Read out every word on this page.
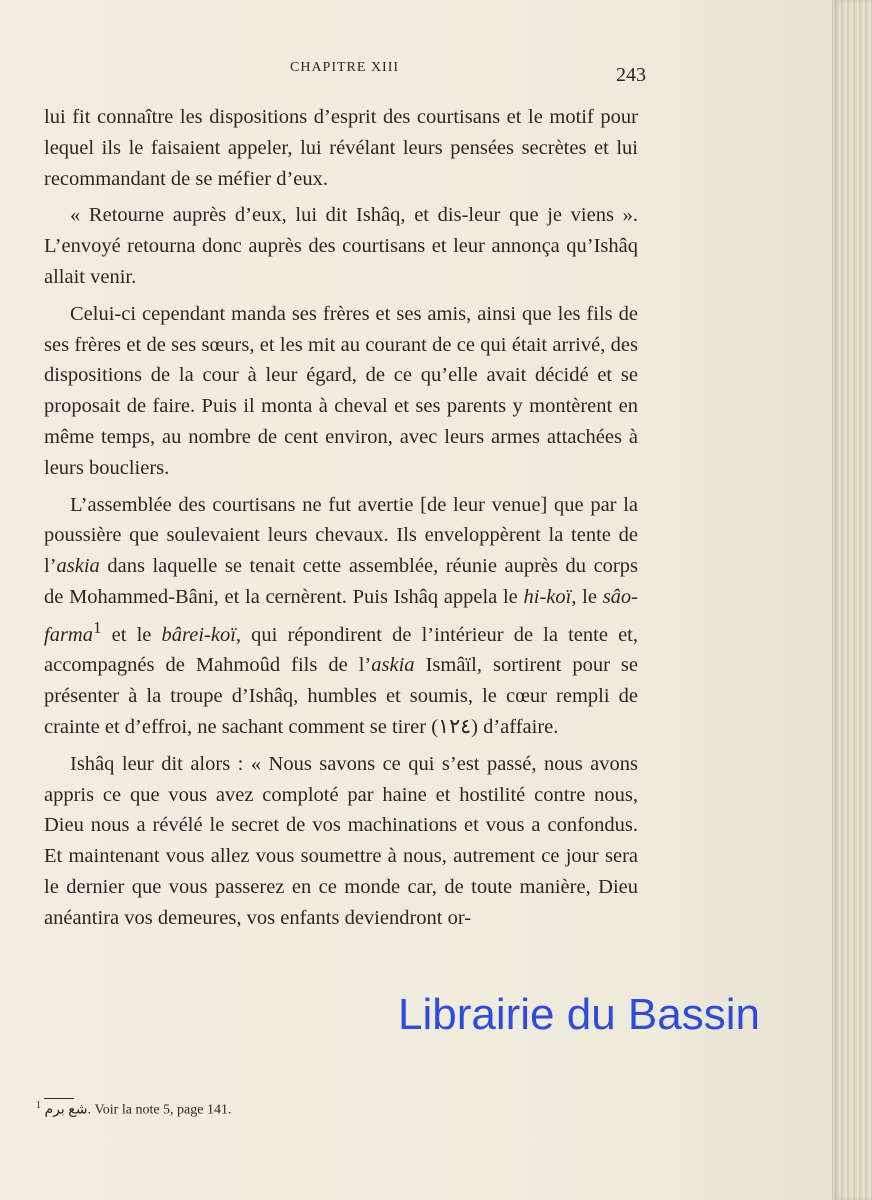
CHAPITRE XIII	243

lui fit connaître les dispositions d’esprit des courtisans et le motif pour lequel ils le faisaient appeler, lui révélant leurs pensées secrètes et lui recommandant de se méfier d’eux.

« Retourne auprès d’eux, lui dit Ishâq, et dis-leur que je viens ». L’envoyé retourna donc auprès des courtisans et leur annonça qu’Ishâq allait venir.

Celui-ci cependant manda ses frères et ses amis, ainsi que les fils de ses frères et de ses sœurs, et les mit au courant de ce qui était arrivé, des dispositions de la cour à leur égard, de ce qu’elle avait décidé et se proposait de faire. Puis il monta à cheval et ses parents y montèrent en même temps, au nombre de cent environ, avec leurs armes attachées à leurs boucliers.

L’assemblée des courtisans ne fut avertie [de leur venue] que par la poussière que soulevaient leurs chevaux. Ils enveloppèrent la tente de l’askia dans laquelle se tenait cette assemblée, réunie auprès du corps de Mohammed-Bâni, et la cernèrent. Puis Ishâq appela le hi-koï, le sâo-farma$^1$ et le bârei-koï, qui répondirent de l’intérieur de la tente et, accompagnés de Mahmoûd fils de l’askia Ismâïl, sortirent pour se présenter à la troupe d’Ishâq, humbles et soumis, le cœur rempli de crainte et d’effroi, ne sachant comment se tirer (١٢٤) d’affaire.

Ishâq leur dit alors : « Nous savons ce qui s’est passé, nous avons appris ce que vous avez comploté par haine et hostilité contre nous, Dieu nous a révélé le secret de vos machinations et vous a confondus. Et maintenant vous allez vous soumettre à nous, autrement ce jour sera le dernier que vous passerez en ce monde car, de toute manière, Dieu anéantira vos demeures, vos enfants deviendront or-

$^1$ شع برم. Voir la note 5, page 141.
Librairie du Bassin
